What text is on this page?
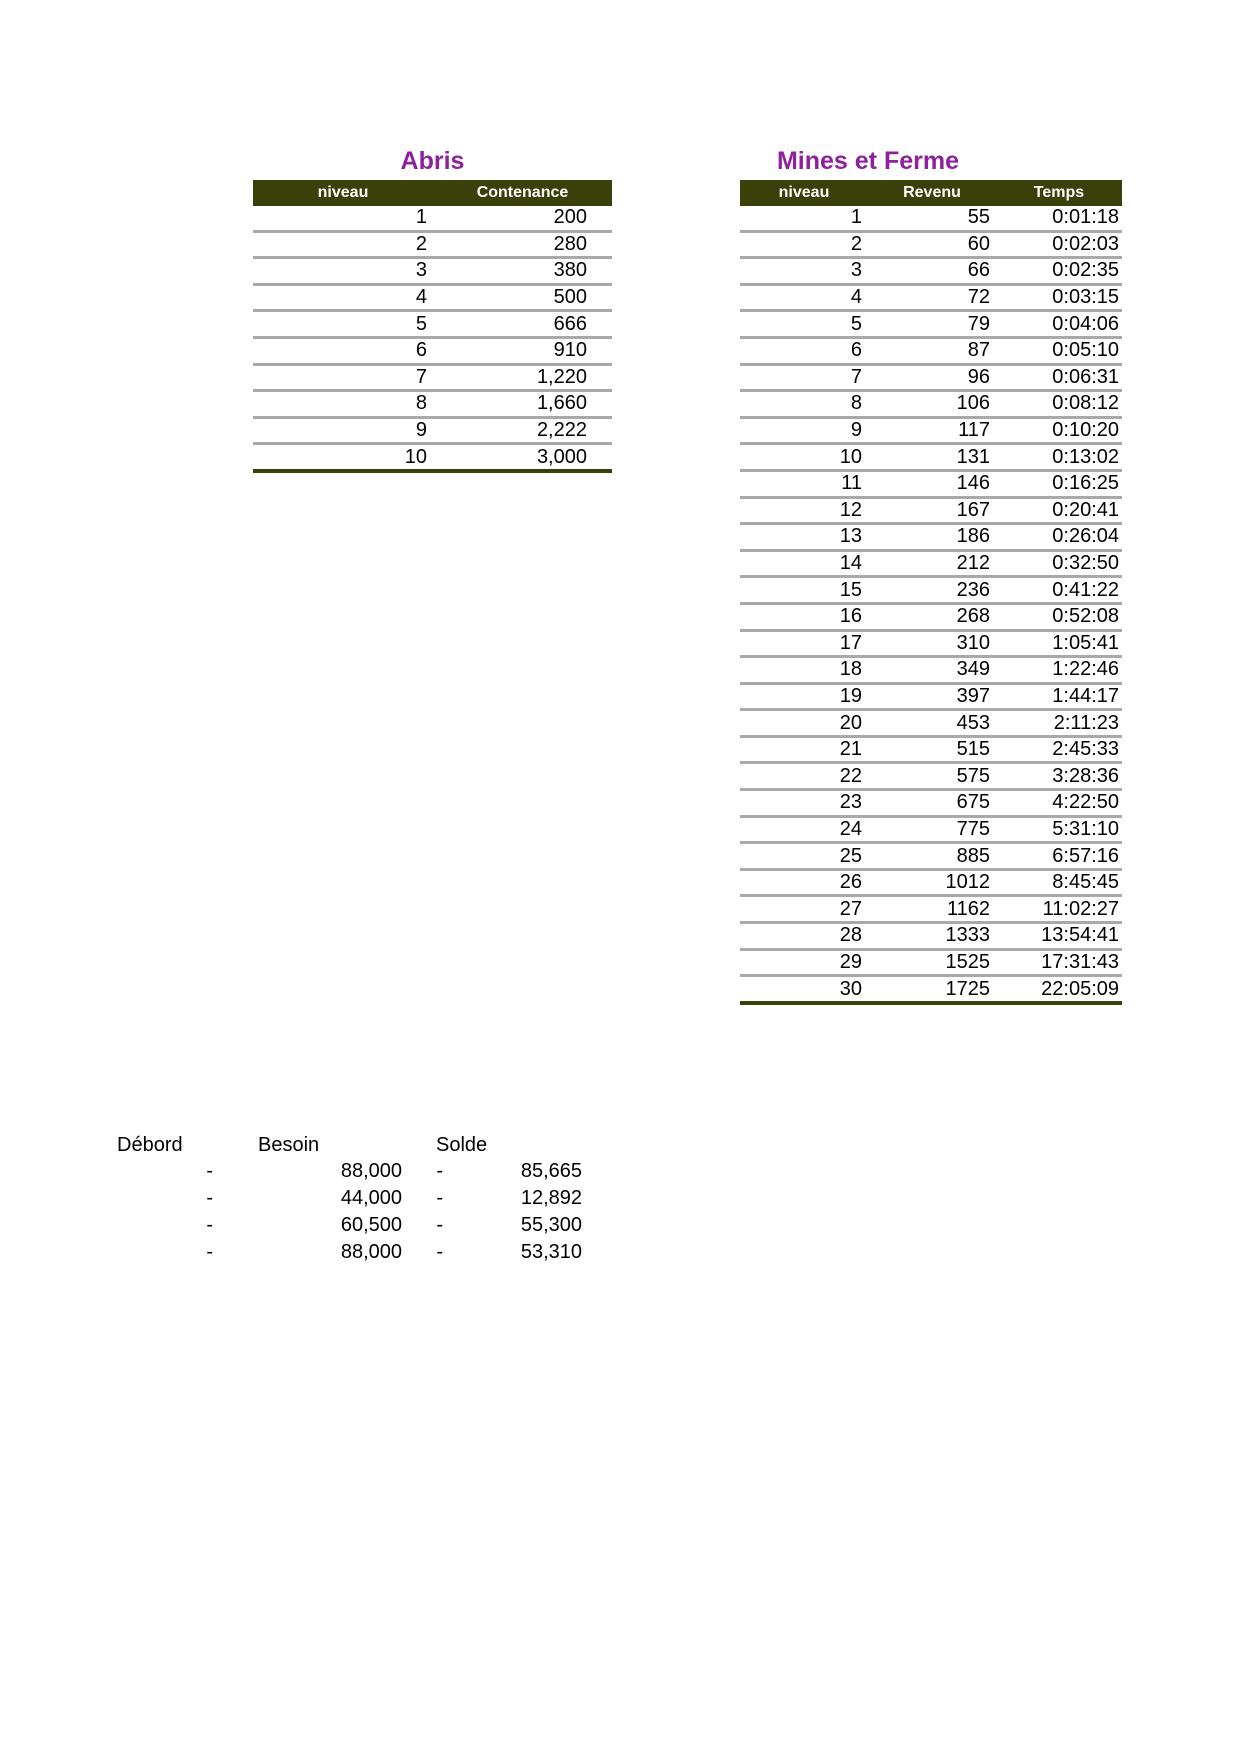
Abris	Mines et Ferme
niveau	Contenance
1	200
2	280
3	380
4	500
5	666
6	910
7	1,220
8	1,660
9	2,222
10	3,000
niveau	Revenu	Temps
1	55	0:01:18
2	60	0:02:03
3	66	0:02:35
4	72	0:03:15
5	79	0:04:06
6	87	0:05:10
7	96	0:06:31
8	106	0:08:12
9	117	0:10:20
10	131	0:13:02
11	146	0:16:25
12	167	0:20:41
13	186	0:26:04
14	212	0:32:50
15	236	0:41:22
16	268	0:52:08
17	310	1:05:41
18	349	1:22:46
19	397	1:44:17
20	453	2:11:23
21	515	2:45:33
22	575	3:28:36
23	675	4:22:50
24	775	5:31:10
25	885	6:57:16
26	1012	8:45:45
27	1162	11:02:27
28	1333	13:54:41
29	1525	17:31:43
30	1725	22:05:09
Débord	Besoin	Solde
-	88,000	-	85,665
-	44,000	-	12,892
-	60,500	-	55,300
-	88,000	-	53,310
